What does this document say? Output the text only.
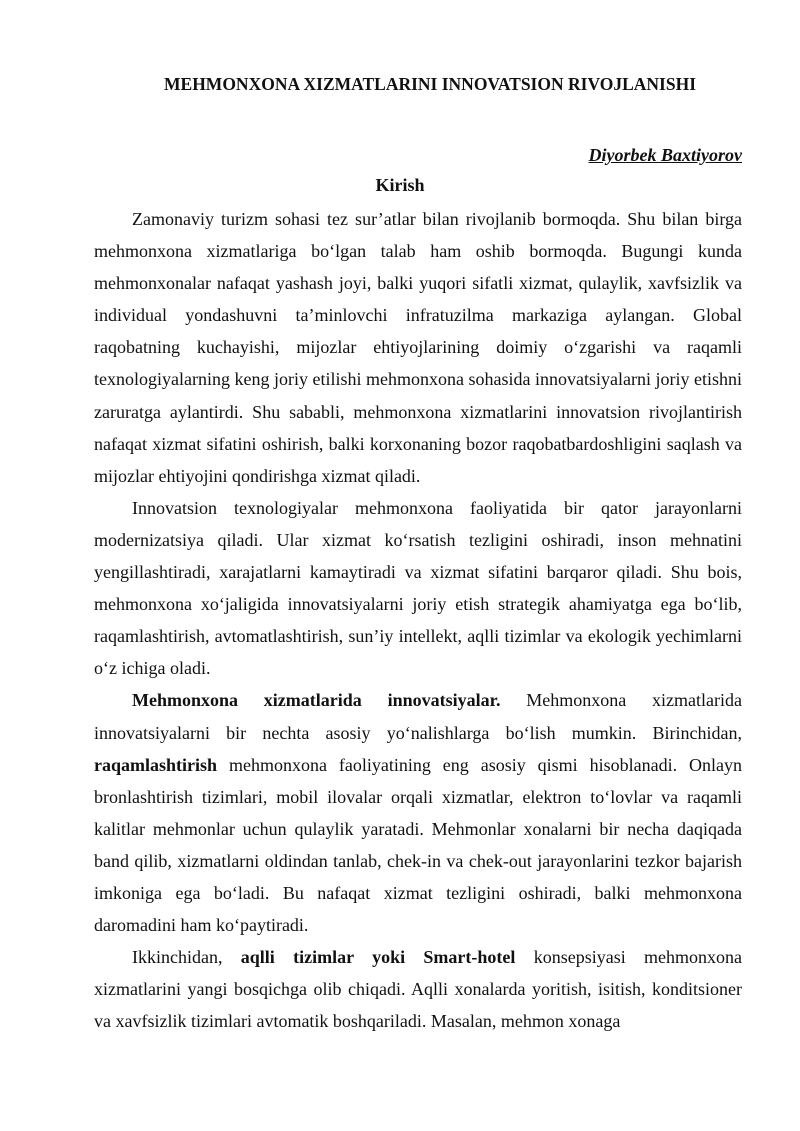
MEHMONXONA XIZMATLARINI INNOVATSION RIVOJLANISHI
Diyorbek Baxtiyorov
Kirish

Zamonaviy turizm sohasi tez sur’atlar bilan rivojlanib bormoqda. Shu bilan birga mehmonxona xizmatlariga bo‘lgan talab ham oshib bormoqda. Bugungi kunda mehmonxonalar nafaqat yashash joyi, balki yuqori sifatli xizmat, qulaylik, xavfsizlik va individual yondashuvni ta’minlovchi infratuzilma markaziga aylangan. Global raqobatning kuchayishi, mijozlar ehtiyojlarining doimiy o‘zgarishi va raqamli texnologiyalarning keng joriy etilishi mehmonxona sohasida innovatsiyalarni joriy etishni zaruratga aylantirdi. Shu sababli, mehmonxona xizmatlarini innovatsion rivojlantirish nafaqat xizmat sifatini oshirish, balki korxonaning bozor raqobatbardoshligini saqlash va mijozlar ehtiyojini qondirishga xizmat qiladi.

Innovatsion texnologiyalar mehmonxona faoliyatida bir qator jarayonlarni modernizatsiya qiladi. Ular xizmat ko‘rsatish tezligini oshiradi, inson mehnatini yengillashtiradi, xarajatlarni kamaytiradi va xizmat sifatini barqaror qiladi. Shu bois, mehmonxona xo‘jaligida innovatsiyalarni joriy etish strategik ahamiyatga ega bo‘lib, raqamlashtirish, avtomatlashtirish, sun’iy intellekt, aqlli tizimlar va ekologik yechimlarni o‘z ichiga oladi.

Mehmonxona xizmatlarida innovatsiyalar. Mehmonxona xizmatlarida innovatsiyalarni bir nechta asosiy yo‘nalishlarga bo‘lish mumkin. Birinchidan, raqamlashtirish mehmonxona faoliyatining eng asosiy qismi hisoblanadi. Onlayn bronlashtirish tizimlari, mobil ilovalar orqali xizmatlar, elektron to‘lovlar va raqamli kalitlar mehmonlar uchun qulaylik yaratadi. Mehmonlar xonalarni bir necha daqiqada band qilib, xizmatlarni oldindan tanlab, chek-in va chek-out jarayonlarini tezkor bajarish imkoniga ega bo‘ladi. Bu nafaqat xizmat tezligini oshiradi, balki mehmonxona daromadini ham ko‘paytiradi.

Ikkinchidan, aqlli tizimlar yoki Smart-hotel konsepsiyasi mehmonxona xizmatlarini yangi bosqichga olib chiqadi. Aqlli xonalarda yoritish, isitish, konditsioner va xavfsizlik tizimlari avtomatik boshqariladi. Masalan, mehmon xonaga
